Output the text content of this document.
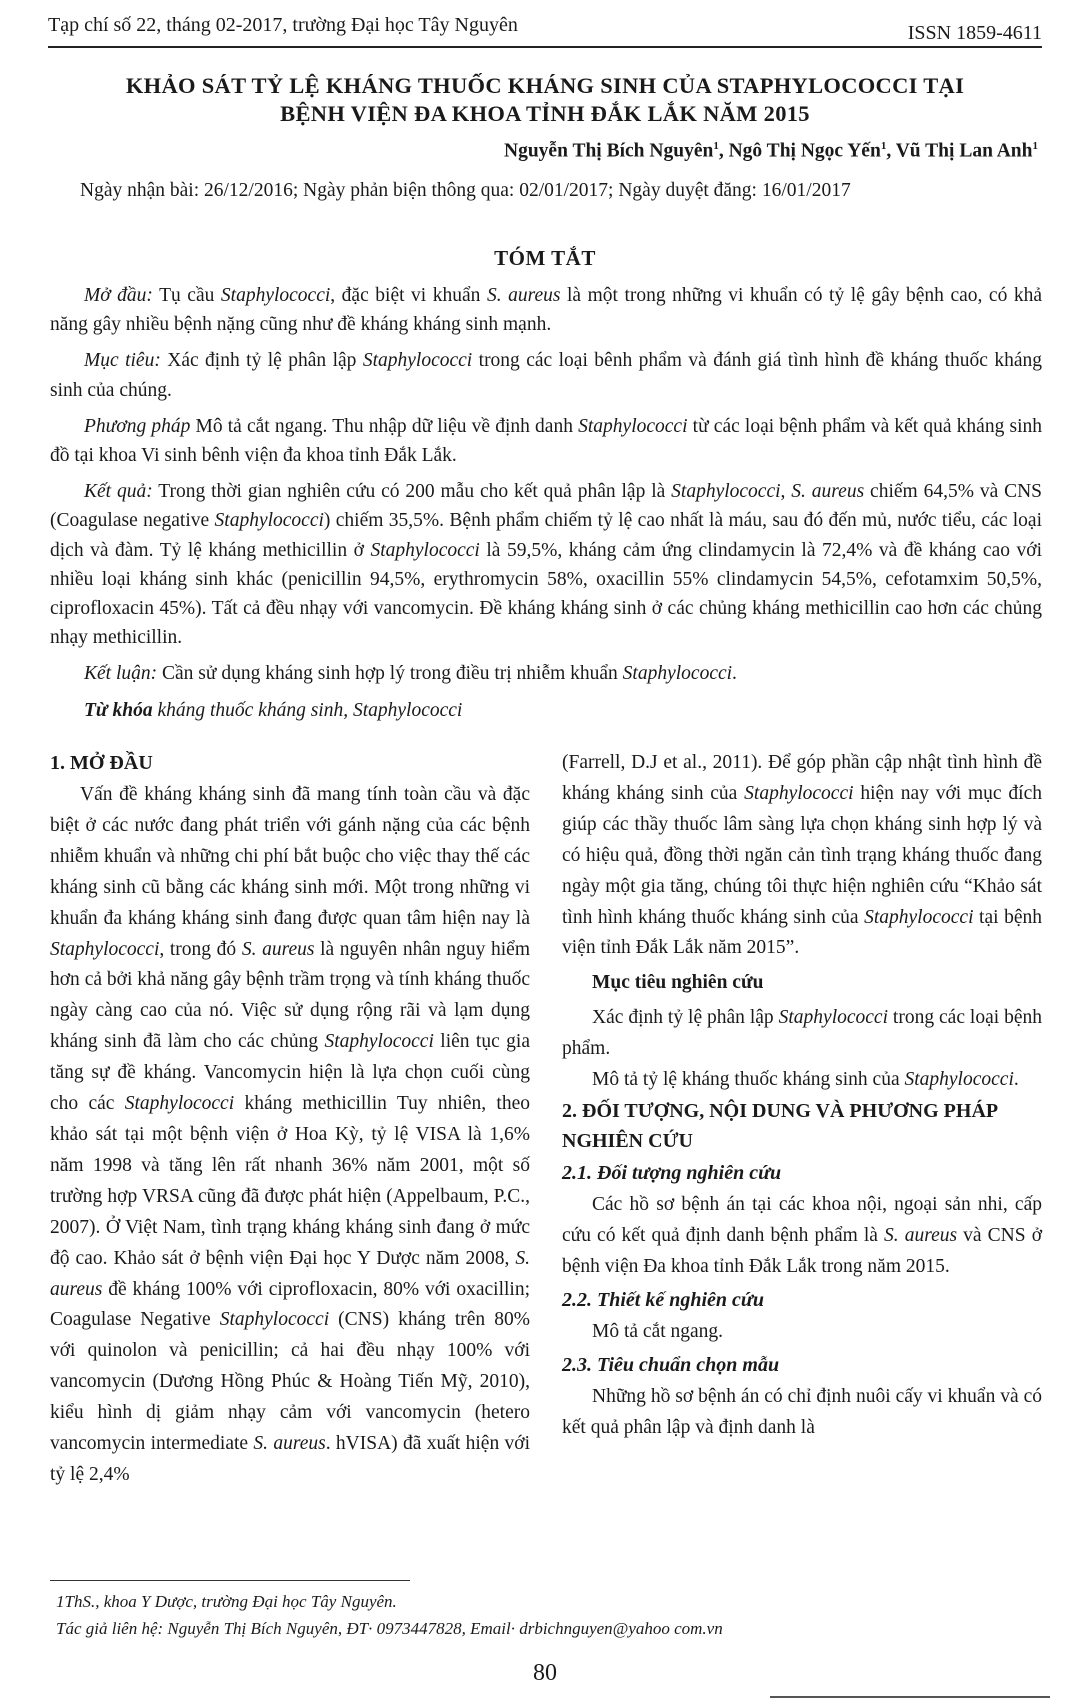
Tạp chí số 22, tháng 02-2017, trường Đại học Tây Nguyên	ISSN 1859-4611
KHẢO SÁT TỶ LỆ KHÁNG THUỐC KHÁNG SINH CỦA STAPHYLOCOCCI TẠI
BỆNH VIỆN ĐA KHOA TỈNH ĐẮK LẮK NĂM 2015
Nguyễn Thị Bích Nguyên$^1$, Ngô Thị Ngọc Yến$^1$, Vũ Thị Lan Anh$^1$
Ngày nhận bài: 26/12/2016; Ngày phản biện thông qua: 02/01/2017; Ngày duyệt đăng: 16/01/2017
TÓM TẮT

Mở đầu: Tụ cầu Staphylococci, đặc biệt vi khuẩn S. aureus là một trong những vi khuẩn có tỷ lệ gây bệnh cao, có khả năng gây nhiều bệnh nặng cũng như đề kháng kháng sinh mạnh.

Mục tiêu: Xác định tỷ lệ phân lập Staphylococci trong các loại bênh phẩm và đánh giá tình hình đề kháng thuốc kháng sinh của chúng.

Phương pháp Mô tả cắt ngang. Thu nhập dữ liệu về định danh Staphylococci từ các loại bệnh phẩm và kết quả kháng sinh đồ tại khoa Vi sinh bênh viện đa khoa tỉnh Đắk Lắk.

Kết quả: Trong thời gian nghiên cứu có 200 mẫu cho kết quả phân lập là Staphylococci, S. aureus chiếm 64,5% và CNS (Coagulase negative Staphylococci) chiếm 35,5%. Bệnh phẩm chiếm tỷ lệ cao nhất là máu, sau đó đến mủ, nước tiểu, các loại dịch và đàm. Tỷ lệ kháng methicillin ở Staphylococci là 59,5%, kháng cảm ứng clindamycin là 72,4% và đề kháng cao với nhiều loại kháng sinh khác (penicillin 94,5%, erythromycin 58%, oxacillin 55% clindamycin 54,5%, cefotamxim 50,5%, ciprofloxacin 45%). Tất cả đều nhạy với vancomycin. Đề kháng kháng sinh ở các chủng kháng methicillin cao hơn các chủng nhạy methicillin.

Kết luận: Cần sử dụng kháng sinh hợp lý trong điều trị nhiễm khuẩn Staphylococci.

Từ khóa kháng thuốc kháng sinh, Staphylococci

1. MỞ ĐẦU

Vấn đề kháng kháng sinh đã mang tính toàn cầu và đặc biệt ở các nước đang phát triển với gánh nặng của các bệnh nhiễm khuẩn và những chi phí bắt buộc cho việc thay thế các kháng sinh cũ bằng các kháng sinh mới. Một trong những vi khuẩn đa kháng kháng sinh đang được quan tâm hiện nay là Staphylococci, trong đó S. aureus là nguyên nhân nguy hiểm hơn cả bởi khả năng gây bệnh trầm trọng và tính kháng thuốc ngày càng cao của nó. Việc sử dụng rộng rãi và lạm dụng kháng sinh đã làm cho các chủng Staphylococci liên tục gia tăng sự đề kháng. Vancomycin hiện là lựa chọn cuối cùng cho các Staphylococci kháng methicillin Tuy nhiên, theo khảo sát tại một bệnh viện ở Hoa Kỳ, tỷ lệ VISA là 1,6% năm 1998 và tăng lên rất nhanh 36% năm 2001, một số trường hợp VRSA cũng đã được phát hiện (Appelbaum, P.C., 2007). Ở Việt Nam, tình trạng kháng kháng sinh đang ở mức độ cao. Khảo sát ở bệnh viện Đại học Y Dược năm 2008, S. aureus đề kháng 100% với ciprofloxacin, 80% với oxacillin; Coagulase Negative Staphylococci (CNS) kháng trên 80% với quinolon và penicillin; cả hai đều nhạy 100% với vancomycin (Dương Hồng Phúc & Hoàng Tiến Mỹ, 2010), kiểu hình dị giảm nhạy cảm với vancomycin (hetero vancomycin intermediate S. aureus. hVISA) đã xuất hiện với tỷ lệ 2,4%

(Farrell, D.J et al., 2011). Để góp phần cập nhật tình hình đề kháng kháng sinh của Staphylococci hiện nay với mục đích giúp các thầy thuốc lâm sàng lựa chọn kháng sinh hợp lý và có hiệu quả, đồng thời ngăn cản tình trạng kháng thuốc đang ngày một gia tăng, chúng tôi thực hiện nghiên cứu “Khảo sát tình hình kháng thuốc kháng sinh của Staphylococci tại bệnh viện tỉnh Đắk Lắk năm 2015”.

Mục tiêu nghiên cứu

Xác định tỷ lệ phân lập Staphylococci trong các loại bệnh phẩm.

Mô tả tỷ lệ kháng thuốc kháng sinh của Staphylococci.

2. ĐỐI TƯỢNG, NỘI DUNG VÀ PHƯƠNG PHÁP NGHIÊN CỨU
2.1. Đối tượng nghiên cứu

Các hồ sơ bệnh án tại các khoa nội, ngoại sản nhi, cấp cứu có kết quả định danh bệnh phẩm là S. aureus và CNS ở bệnh viện Đa khoa tỉnh Đắk Lắk trong năm 2015.

2.2. Thiết kế nghiên cứu

Mô tả cắt ngang.

2.3. Tiêu chuẩn chọn mẫu

Những hồ sơ bệnh án có chỉ định nuôi cấy vi khuẩn và có kết quả phân lập và định danh là

1ThS., khoa Y Dược, trường Đại học Tây Nguyên.
Tác giả liên hệ: Nguyễn Thị Bích Nguyên, ĐT· 0973447828, Email· drbichnguyen@yahoo com.vn
80
